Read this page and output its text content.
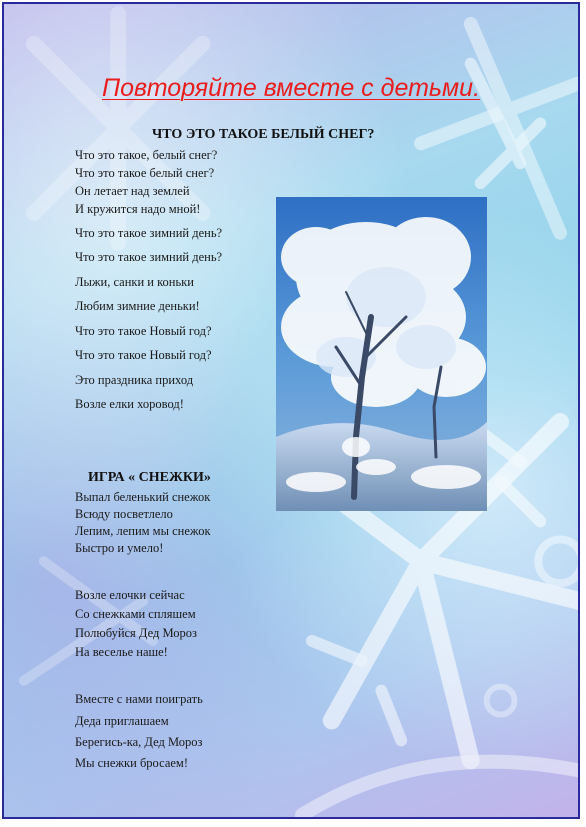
Повторяйте вместе с детьми.
ЧТО ЭТО ТАКОЕ БЕЛЫЙ СНЕГ?
Что это такое, белый снег?
Что это такое белый снег?
Он летает над землей
И кружится надо мной!
Что это такое зимний день?
Что это такое зимний день?
Лыжи, санки и коньки
Любим зимние деньки!
Что это такое Новый год?
Что это такое Новый год?
Это праздника приход
Возле елки хоровод!
ИГРА « СНЕЖКИ»
Выпал беленький снежок
Всюду посветлело
Лепим, лепим мы снежок
Быстро и умело!
Возле елочки сейчас
Со снежками спляшем
Полюбуйся Дед Мороз
На веселье наше!
Вместе с нами поиграть
Деда приглашаем
Берегись-ка, Дед Мороз
Мы снежки бросаем!
